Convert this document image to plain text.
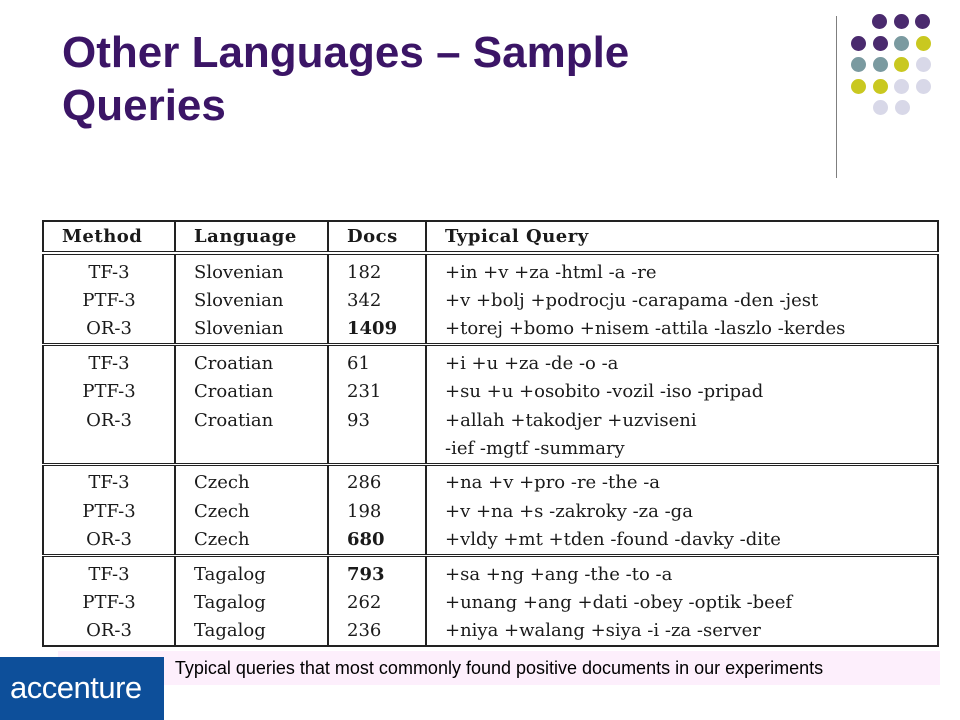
Other Languages – Sample Queries
Method	Language	Docs	Typical Query
TF-3	Slovenian	182	+in +v +za -html -a -re
PTF-3	Slovenian	342	+v +bolj +podrocju -carapama -den -jest
OR-3	Slovenian	1409	+torej +bomo +nisem -attila -laszlo -kerdes
TF-3	Croatian	61	+i +u +za -de -o -a
PTF-3	Croatian	231	+su +u +osobito -vozil -iso -pripad
OR-3	Croatian	93	+allah +takodjer +uzviseni
			-ief -mgtf -summary
TF-3	Czech	286	+na +v +pro -re -the -a
PTF-3	Czech	198	+v +na +s -zakroky -za -ga
OR-3	Czech	680	+vldy +mt +tden -found -davky -dite
TF-3	Tagalog	793	+sa +ng +ang -the -to -a
PTF-3	Tagalog	262	+unang +ang +dati -obey -optik -beef
OR-3	Tagalog	236	+niya +walang +siya -i -za -server
Typical queries that most commonly found positive documents in our experiments
accenture
